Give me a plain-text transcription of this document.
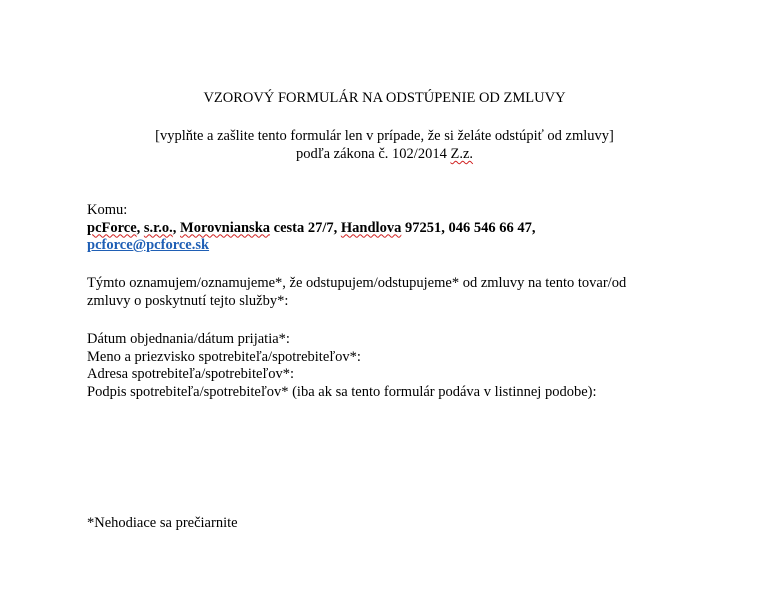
VZOROVÝ FORMULÁR NA ODSTÚPENIE OD ZMLUVY
[vyplňte a zašlite tento formulár len v prípade, že si želáte odstúpiť od zmluvy]
podľa zákona č. 102/2014 Z.z.
Komu:
pcForce, s.r.o., Morovnianska cesta 27/7, Handlova 97251, 046 546 66 47,
pcforce@pcforce.sk
Týmto oznamujem/oznamujeme*, že odstupujem/odstupujeme* od zmluvy na tento tovar/od
zmluvy o poskytnutí tejto služby*:
Dátum objednania/dátum prijatia*:
Meno a priezvisko spotrebiteľa/spotrebiteľov*:
Adresa spotrebiteľa/spotrebiteľov*:
Podpis spotrebiteľa/spotrebiteľov* (iba ak sa tento formulár podáva v listinnej podobe):
*Nehodiace sa prečiarnite
